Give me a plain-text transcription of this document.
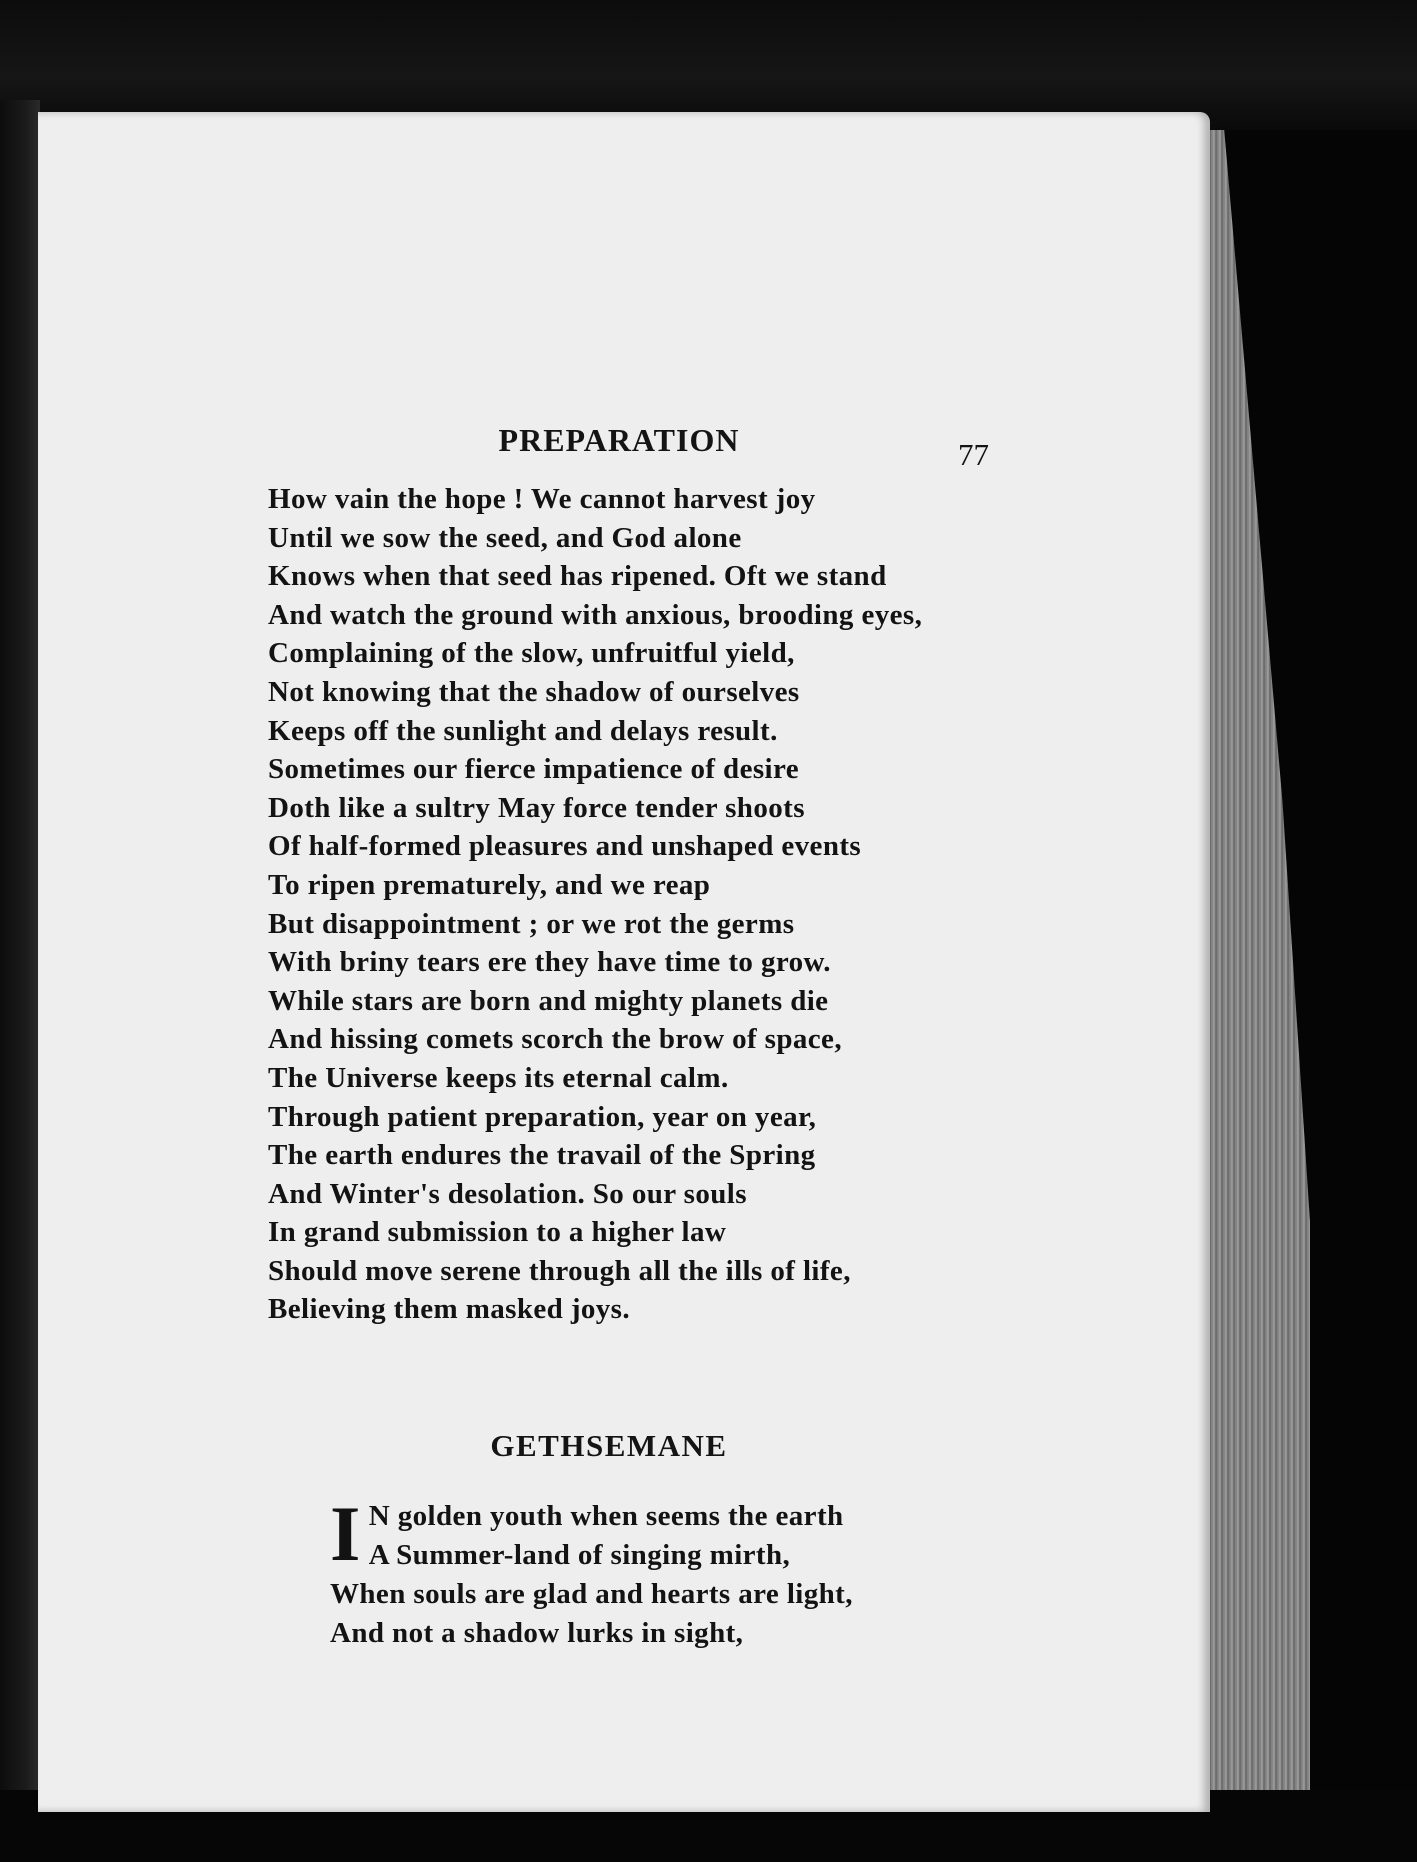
PREPARATION	77
How vain the hope ! We cannot harvest joy
Until we sow the seed, and God alone
Knows when that seed has ripened. Oft we stand
And watch the ground with anxious, brooding eyes,
Complaining of the slow, unfruitful yield,
Not knowing that the shadow of ourselves
Keeps off the sunlight and delays result.
Sometimes our fierce impatience of desire
Doth like a sultry May force tender shoots
Of half-formed pleasures and unshaped events
To ripen prematurely, and we reap
But disappointment ; or we rot the germs
With briny tears ere they have time to grow.
While stars are born and mighty planets die
And hissing comets scorch the brow of space,
The Universe keeps its eternal calm.
Through patient preparation, year on year,
The earth endures the travail of the Spring
And Winter's desolation. So our souls
In grand submission to a higher law
Should move serene through all the ills of life,
Believing them masked joys.
GETHSEMANE
I N golden youth when seems the earth
A Summer-land of singing mirth,
When souls are glad and hearts are light,
And not a shadow lurks in sight,
